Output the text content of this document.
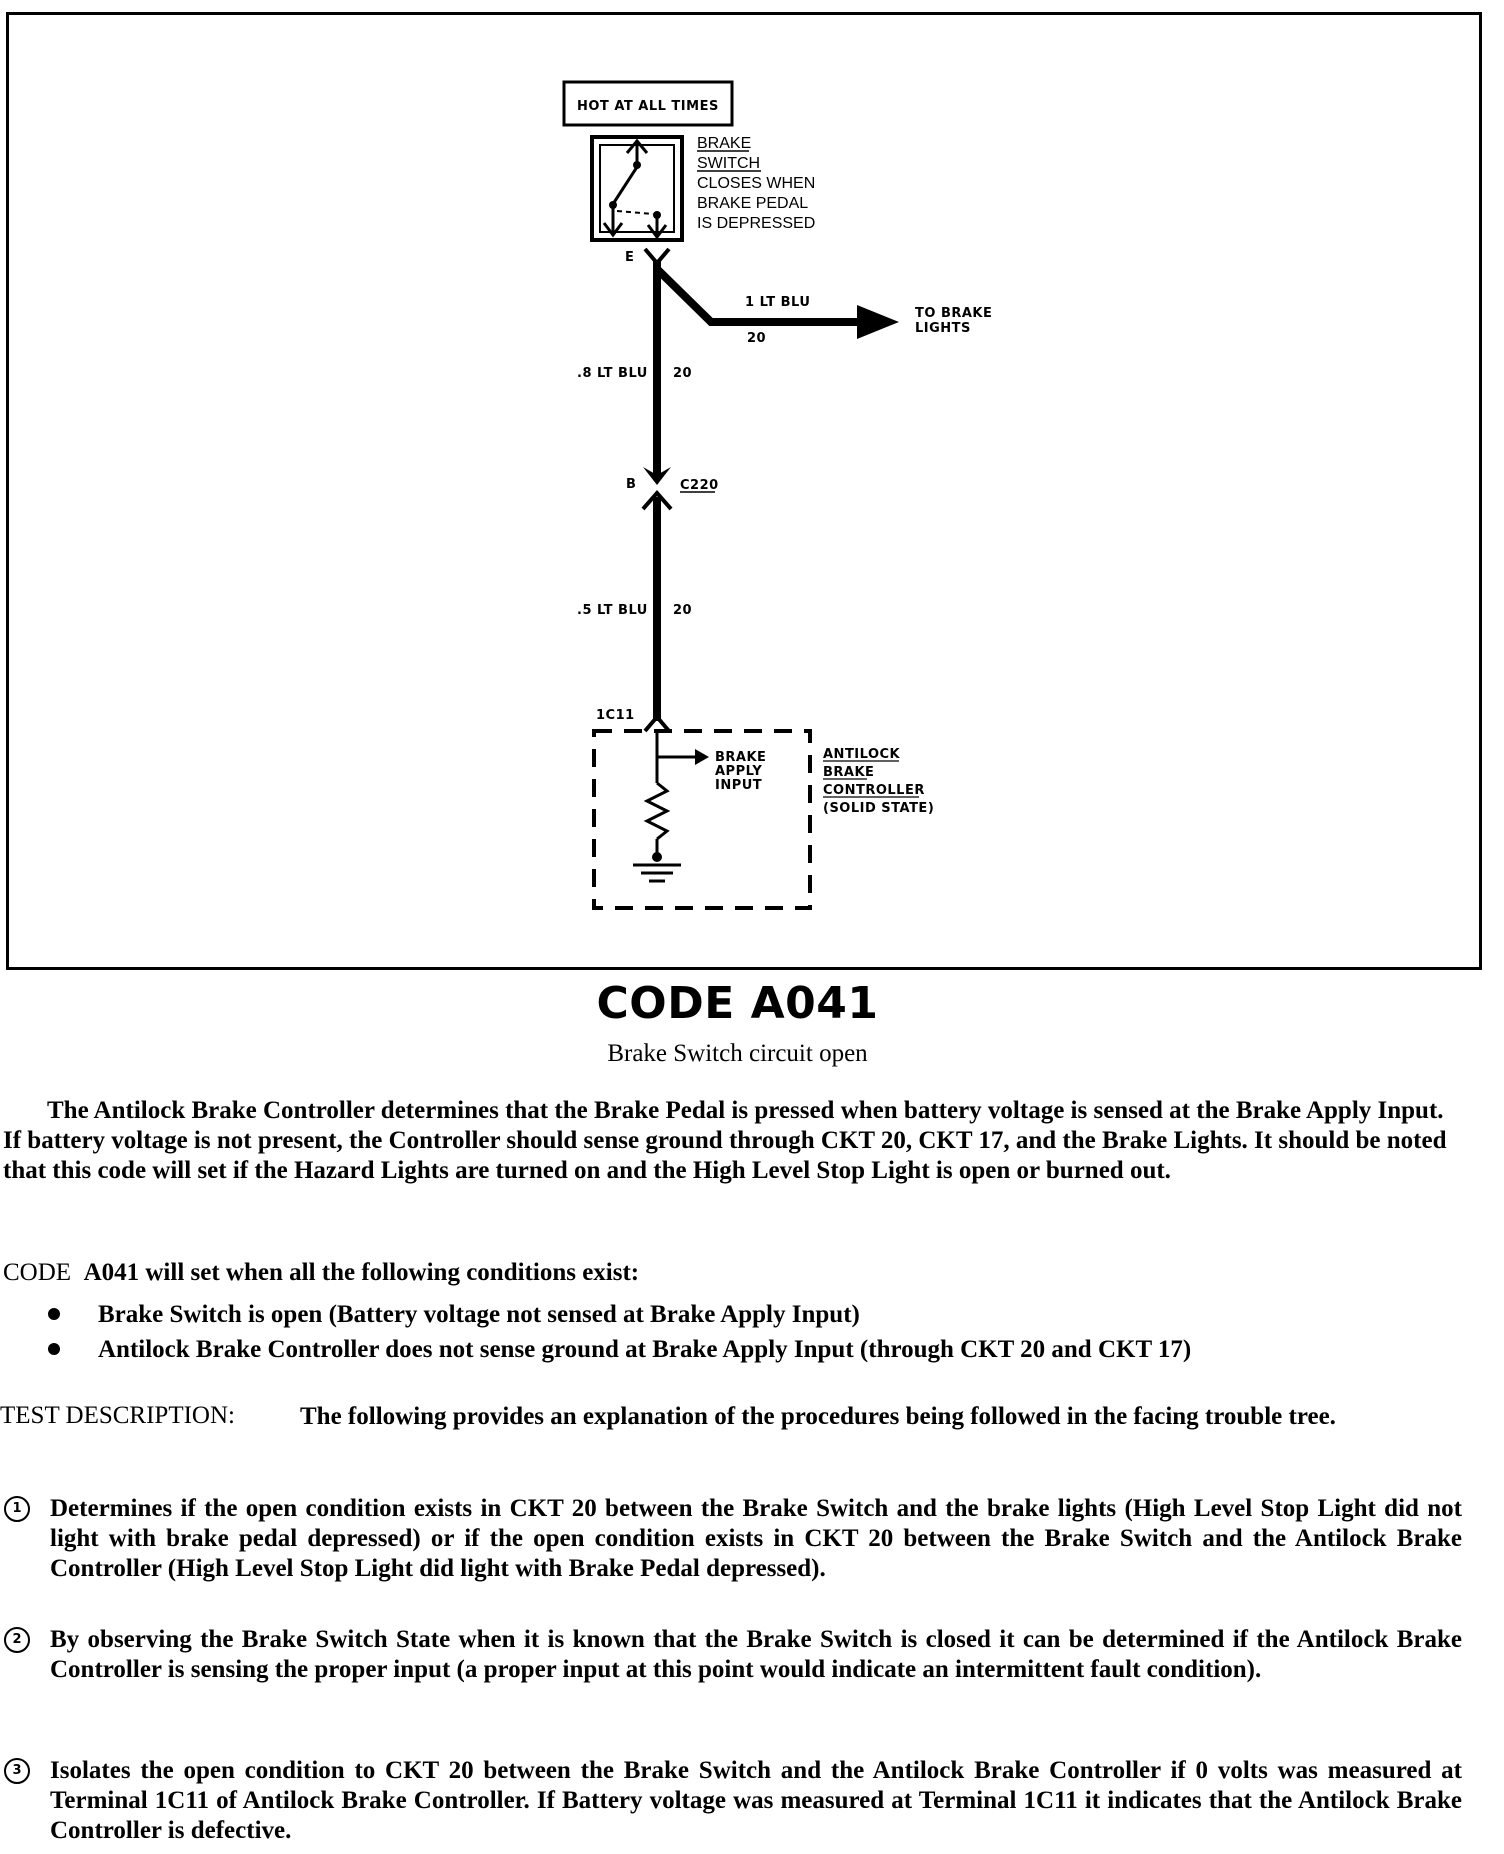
HOT AT ALL TIMES
BRAKE
SWITCH
CLOSES WHEN
BRAKE PEDAL
IS DEPRESSED
E
1 LT BLU
20
TO BRAKE
LIGHTS
.8 LT BLU 20
B	C220
.5 LT BLU 20
1C11
BRAKE
APPLY
INPUT
ANTILOCK
BRAKE
CONTROLLER
(SOLID STATE)
CODE A041
Brake Switch circuit open

The Antilock Brake Controller determines that the Brake Pedal is pressed when battery voltage is sensed at the Brake Apply Input. If battery voltage is not present, the Controller should sense ground through CKT 20, CKT 17, and the Brake Lights. It should be noted that this code will set if the Hazard Lights are turned on and the High Level Stop Light is open or burned out.

CODE A041 will set when all the following conditions exist:

Brake Switch is open (Battery voltage not sensed at Brake Apply Input)
Antilock Brake Controller does not sense ground at Brake Apply Input (through CKT 20 and CKT 17)
TEST DESCRIPTION:	The following provides an explanation of the procedures being followed in the facing trouble tree.

1	Determines if the open condition exists in CKT 20 between the Brake Switch and the brake lights (High Level Stop Light did not light with brake pedal depressed) or if the open condition exists in CKT 20 between the Brake Switch and the Antilock Brake Controller (High Level Stop Light did light with Brake Pedal depressed).

2	By observing the Brake Switch State when it is known that the Brake Switch is closed it can be determined if the Antilock Brake Controller is sensing the proper input (a proper input at this point would indicate an intermittent fault condition).

3	Isolates the open condition to CKT 20 between the Brake Switch and the Antilock Brake Controller if 0 volts was measured at Terminal 1C11 of Antilock Brake Controller. If Battery voltage was measured at Terminal 1C11 it indicates that the Antilock Brake Controller is defective.
